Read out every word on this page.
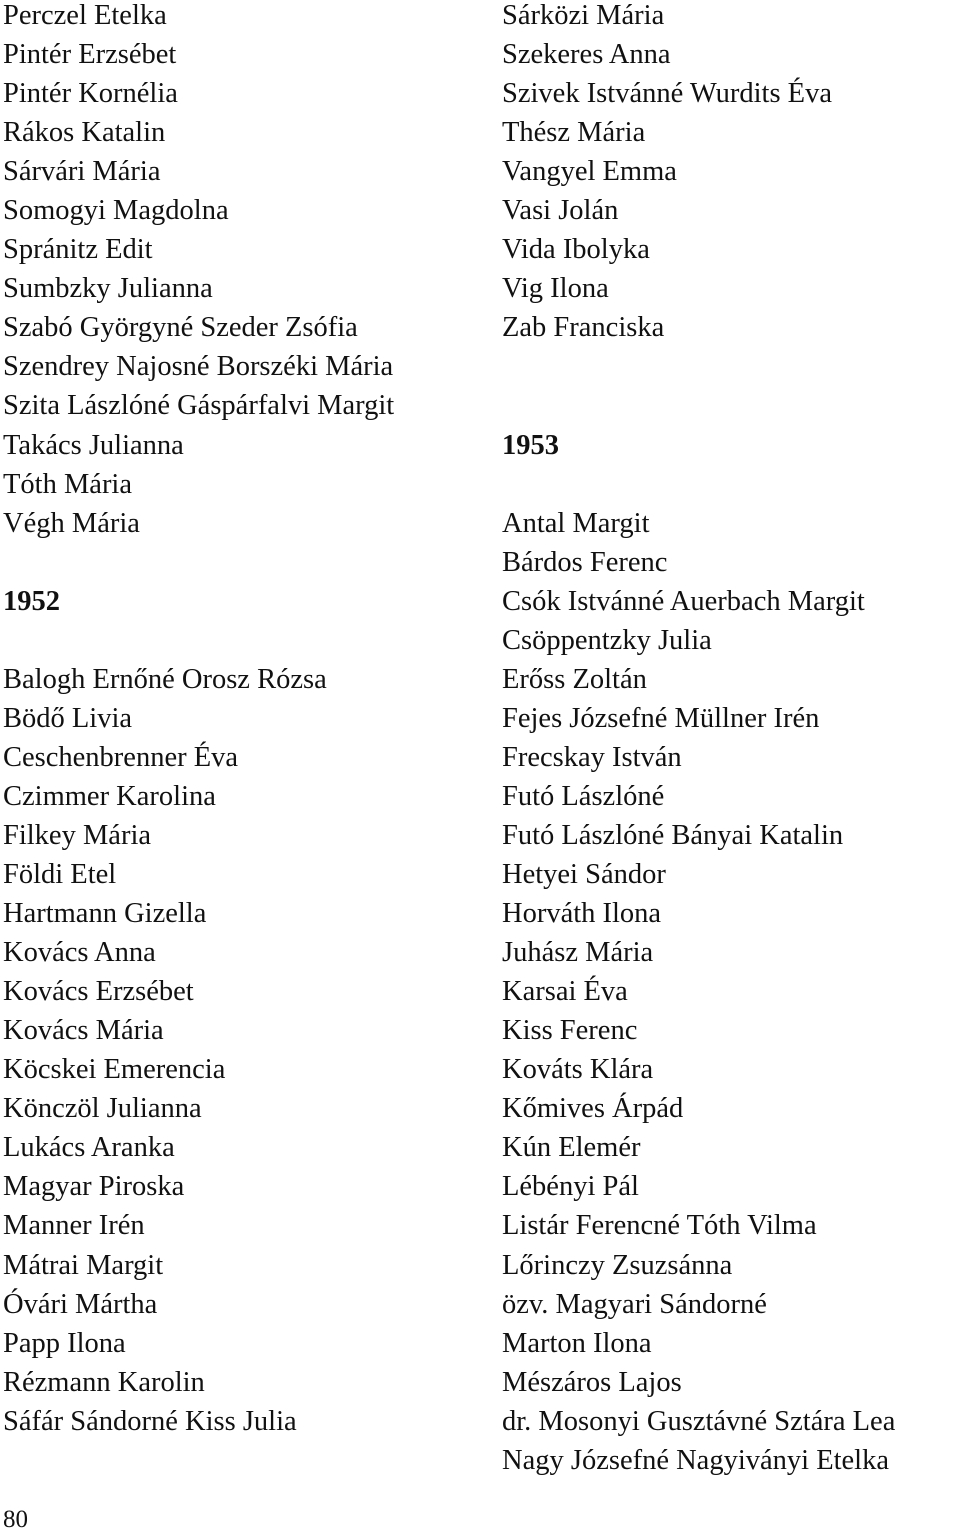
Perczel Etelka
Pintér Erzsébet
Pintér Kornélia
Rákos Katalin
Sárvári Mária
Somogyi Magdolna
Spránitz Edit
Sumbzky Julianna
Szabó Györgyné Szeder Zsófia
Szendrey Najosné Borszéki Mária
Szita Lászlóné Gáspárfalvi Margit
Takács Julianna
Tóth Mária
Végh Mária
1952
Balogh Ernőné Orosz Rózsa
Bödő Livia
Ceschenbrenner Éva
Czimmer Karolina
Filkey Mária
Földi Etel
Hartmann Gizella
Kovács Anna
Kovács Erzsébet
Kovács Mária
Köcskei Emerencia
Könczöl Julianna
Lukács Aranka
Magyar Piroska
Manner Irén
Mátrai Margit
Óvári Mártha
Papp Ilona
Rézmann Karolin
Sáfár Sándorné Kiss Julia
Sárközi Mária
Szekeres Anna
Szivek Istvánné Wurdits Éva
Thész Mária
Vangyel Emma
Vasi Jolán
Vida Ibolyka
Vig Ilona
Zab Franciska
1953
Antal Margit
Bárdos Ferenc
Csók Istvánné Auerbach Margit
Csöppentzky Julia
Erőss Zoltán
Fejes Józsefné Müllner Irén
Frecskay István
Futó Lászlóné
Futó Lászlóné Bányai Katalin
Hetyei Sándor
Horváth Ilona
Juhász Mária
Karsai Éva
Kiss Ferenc
Kováts Klára
Kőmives Árpád
Kún Elemér
Lébényi Pál
Listár Ferencné Tóth Vilma
Lőrinczy Zsuzsánna
özv. Magyari Sándorné
Marton Ilona
Mészáros Lajos
dr. Mosonyi Gusztávné Sztára Lea
Nagy Józsefné Nagyiványi Etelka
80
